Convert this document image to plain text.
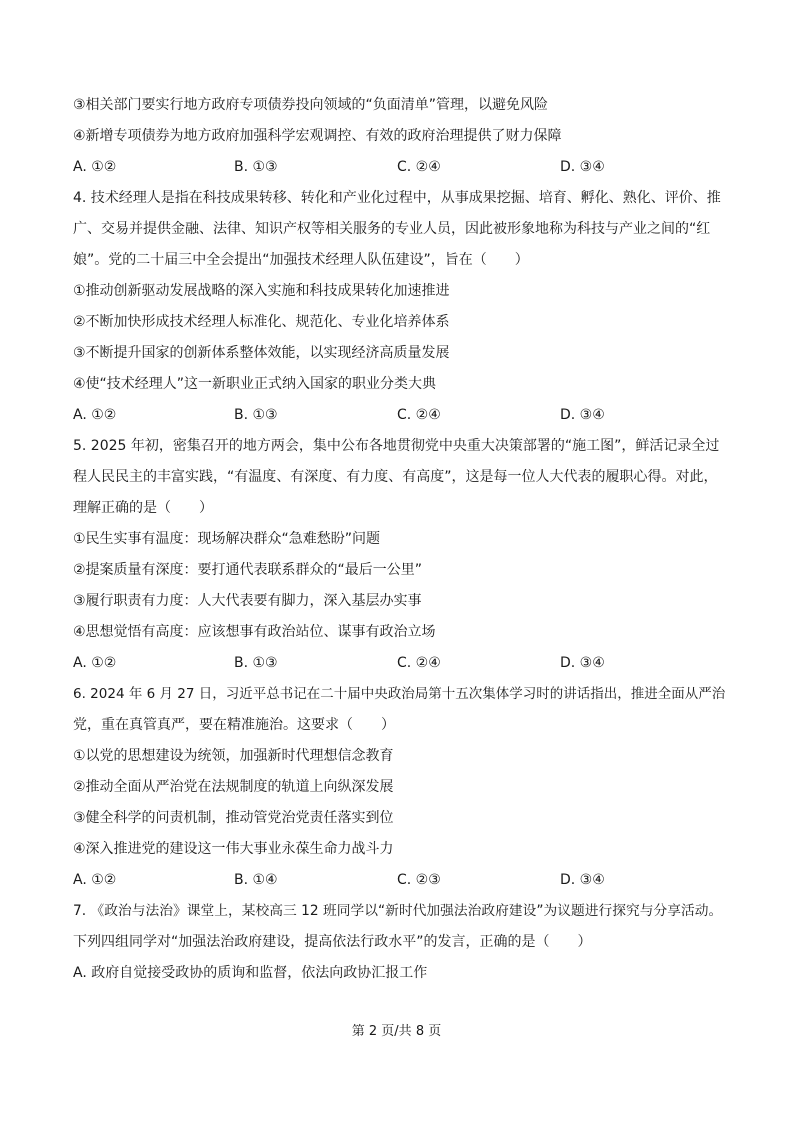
③相关部门要实行地方政府专项债券投向领域的“负面清单”管理，以避免风险
④新增专项债券为地方政府加强科学宏观调控、有效的政府治理提供了财力保障
A. ①②	B. ①③	C. ②④	D. ③④
4. 技术经理人是指在科技成果转移、转化和产业化过程中，从事成果挖掘、培育、孵化、熟化、评价、推
广、交易并提供金融、法律、知识产权等相关服务的专业人员，因此被形象地称为科技与产业之间的“红
娘”。党的二十届三中全会提出“加强技术经理人队伍建设”，旨在（　　）
①推动创新驱动发展战略的深入实施和科技成果转化加速推进
②不断加快形成技术经理人标准化、规范化、专业化培养体系
③不断提升国家的创新体系整体效能，以实现经济高质量发展
④使“技术经理人”这一新职业正式纳入国家的职业分类大典
A. ①②	B. ①③	C. ②④	D. ③④
5. 2025 年初，密集召开的地方两会，集中公布各地贯彻党中央重大决策部署的“施工图”，鲜活记录全过
程人民民主的丰富实践，“有温度、有深度、有力度、有高度”，这是每一位人大代表的履职心得。对此，
理解正确的是（　　）
①民生实事有温度：现场解决群众“急难愁盼”问题
②提案质量有深度：要打通代表联系群众的“最后一公里”
③履行职责有力度：人大代表要有脚力，深入基层办实事
④思想觉悟有高度：应该想事有政治站位、谋事有政治立场
A. ①②	B. ①③	C. ②④	D. ③④
6. 2024 年 6 月 27 日，习近平总书记在二十届中央政治局第十五次集体学习时的讲话指出，推进全面从严治
党，重在真管真严，要在精准施治。这要求（　　）
①以党的思想建设为统领，加强新时代理想信念教育
②推动全面从严治党在法规制度的轨道上向纵深发展
③健全科学的问责机制，推动管党治党责任落实到位
④深入推进党的建设这一伟大事业永葆生命力战斗力
A. ①②	B. ①④	C. ②③	D. ③④
7. 《政治与法治》课堂上，某校高三 12 班同学以“新时代加强法治政府建设”为议题进行探究与分享活动。
下列四组同学对“加强法治政府建设，提高依法行政水平”的发言，正确的是（　　）
A. 政府自觉接受政协的质询和监督，依法向政协汇报工作
第 2 页/共 8 页
